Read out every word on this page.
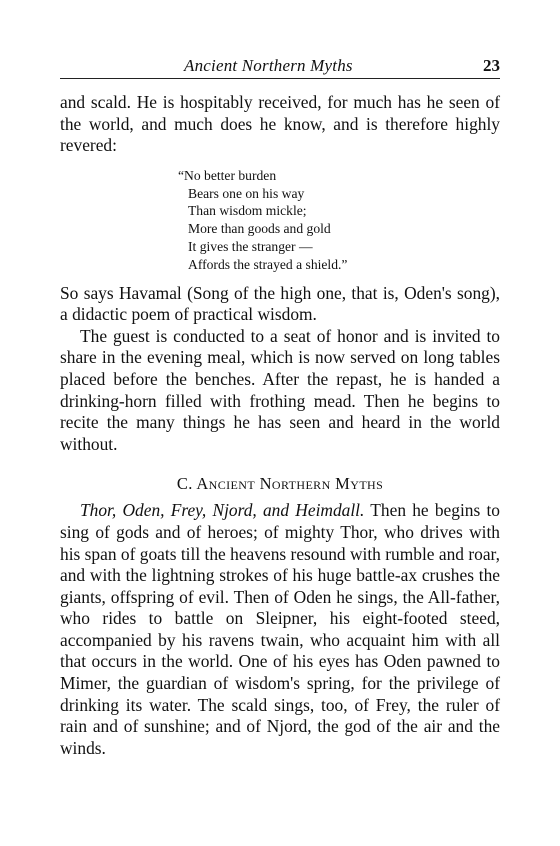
Ancient Northern Myths	23

and scald. He is hospitably received, for much has he seen of the world, and much does he know, and is therefore highly revered:

“No better burden
Bears one on his way
Than wisdom mickle;
More than goods and gold
It gives the stranger —
Affords the strayed a shield.”

So says Havamal (Song of the high one, that is, Oden's song), a didactic poem of practical wisdom.

The guest is conducted to a seat of honor and is invited to share in the evening meal, which is now served on long tables placed before the benches. After the repast, he is handed a drinking-horn filled with frothing mead. Then he begins to recite the many things he has seen and heard in the world without.

C. Ancient Northern Myths

Thor, Oden, Frey, Njord, and Heimdall. Then he begins to sing of gods and of heroes; of mighty Thor, who drives with his span of goats till the heavens resound with rumble and roar, and with the lightning strokes of his huge battle-ax crushes the giants, offspring of evil. Then of Oden he sings, the All-father, who rides to battle on Sleipner, his eight-footed steed, accompanied by his ravens twain, who acquaint him with all that occurs in the world. One of his eyes has Oden pawned to Mimer, the guardian of wisdom's spring, for the privilege of drinking its water. The scald sings, too, of Frey, the ruler of rain and of sunshine; and of Njord, the god of the air and the winds.
